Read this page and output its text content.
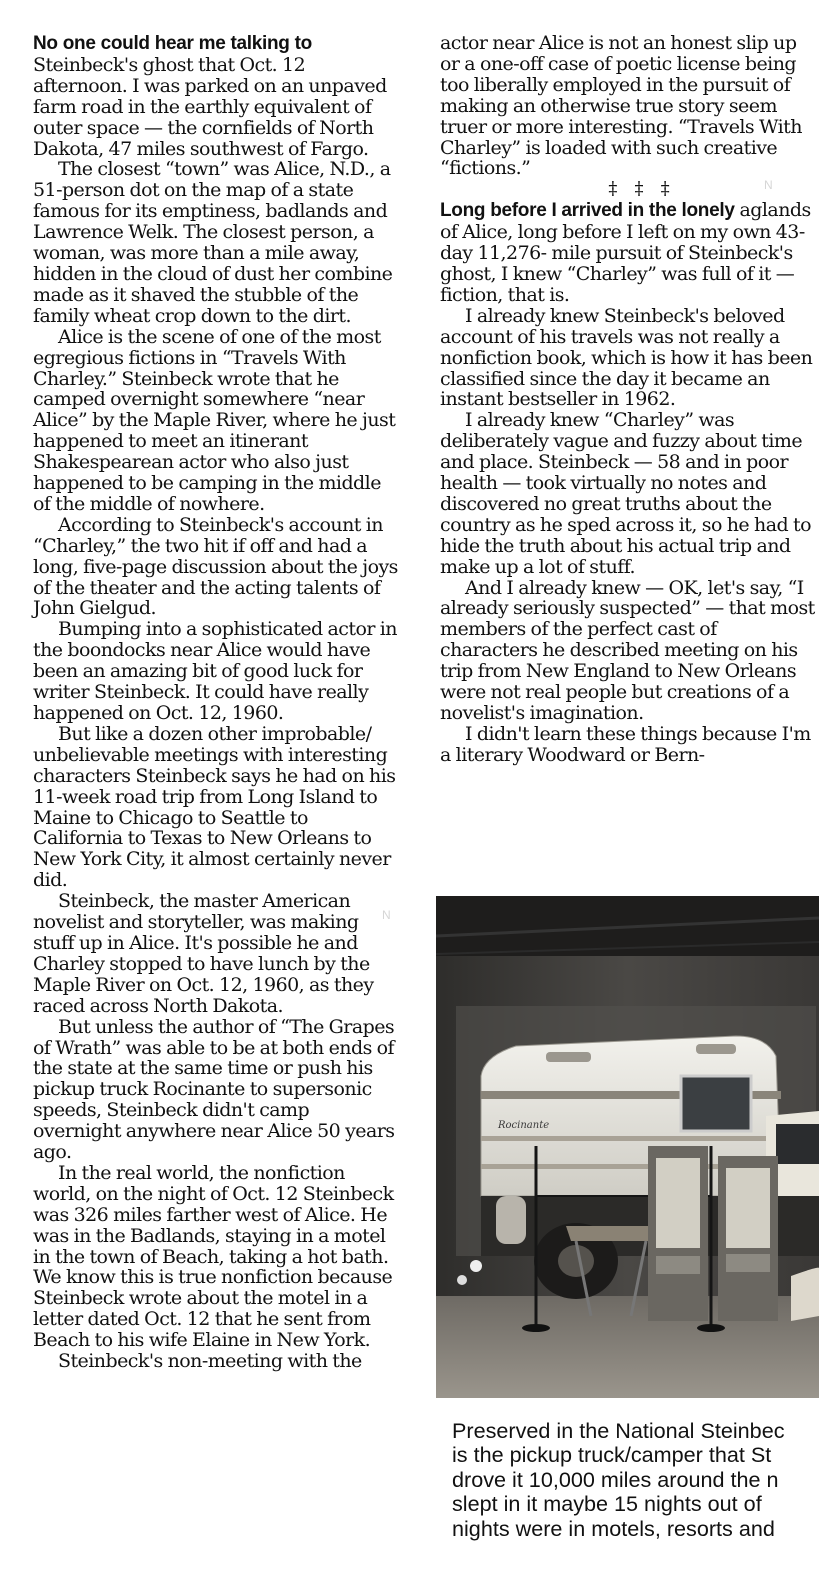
No one could hear me talking to Steinbeck's ghost that Oct. 12 afternoon. I was parked on an unpaved farm road in the earthly equivalent of outer space — the cornfields of North Dakota, 47 miles southwest of Fargo.

The closest “town” was Alice, N.D., a 51-person dot on the map of a state famous for its emptiness, badlands and Lawrence Welk. The closest person, a woman, was more than a mile away, hidden in the cloud of dust her combine made as it shaved the stubble of the family wheat crop down to the dirt.

Alice is the scene of one of the most egregious fictions in “Travels With Charley.” Steinbeck wrote that he camped overnight somewhere “near Alice” by the Maple River, where he just happened to meet an itinerant Shakespearean actor who also just happened to be camping in the middle of the middle of nowhere.

According to Steinbeck's account in “Charley,” the two hit if off and had a long, five-page discussion about the joys of the theater and the acting talents of John Gielgud.

Bumping into a sophisticated actor in the boondocks near Alice would have been an amazing bit of good luck for writer Steinbeck. It could have really happened on Oct. 12, 1960.

But like a dozen other improbable/ unbelievable meetings with interesting characters Steinbeck says he had on his 11-week road trip from Long Island to Maine to Chicago to Seattle to California to Texas to New Orleans to New York City, it almost certainly never did.

Steinbeck, the master American novelist and storyteller, was making stuff up in Alice. It's possible he and Charley stopped to have lunch by the Maple River on Oct. 12, 1960, as they raced across North Dakota.

But unless the author of “The Grapes of Wrath” was able to be at both ends of the state at the same time or push his pickup truck Rocinante to supersonic speeds, Steinbeck didn't camp overnight anywhere near Alice 50 years ago.

In the real world, the nonfiction world, on the night of Oct. 12 Steinbeck was 326 miles farther west of Alice. He was in the Badlands, staying in a motel in the town of Beach, taking a hot bath. We know this is true nonfiction because Steinbeck wrote about the motel in a letter dated Oct. 12 that he sent from Beach to his wife Elaine in New York.

Steinbeck's non-meeting with the

actor near Alice is not an honest slip up or a one-off case of poetic license being too liberally employed in the pursuit of making an otherwise true story seem truer or more interesting. “Travels With Charley” is loaded with such creative “fictions.”

‡ ‡ ‡

Long before I arrived in the lonely aglands of Alice, long before I left on my own 43-day 11,276- mile pursuit of Steinbeck's ghost, I knew “Charley” was full of it — fiction, that is.

I already knew Steinbeck's beloved account of his travels was not really a nonfiction book, which is how it has been classified since the day it became an instant bestseller in 1962.

I already knew “Charley” was deliberately vague and fuzzy about time and place. Steinbeck — 58 and in poor health — took virtually no notes and discovered no great truths about the country as he sped across it, so he had to hide the truth about his actual trip and make up a lot of stuff.

And I already knew — OK, let's say, “I already seriously suspected” — that most members of the perfect cast of characters he described meeting on his trip from New England to New Orleans were not real people but creations of a novelist's imagination.

I didn't learn these things because I'm a literary Woodward or Bern-

N
N
Rocinante
Preserved in the National Steinbec
is the pickup truck/camper that St
drove it 10,000 miles around the n
slept in it maybe 15 nights out of
nights were in motels, resorts and
